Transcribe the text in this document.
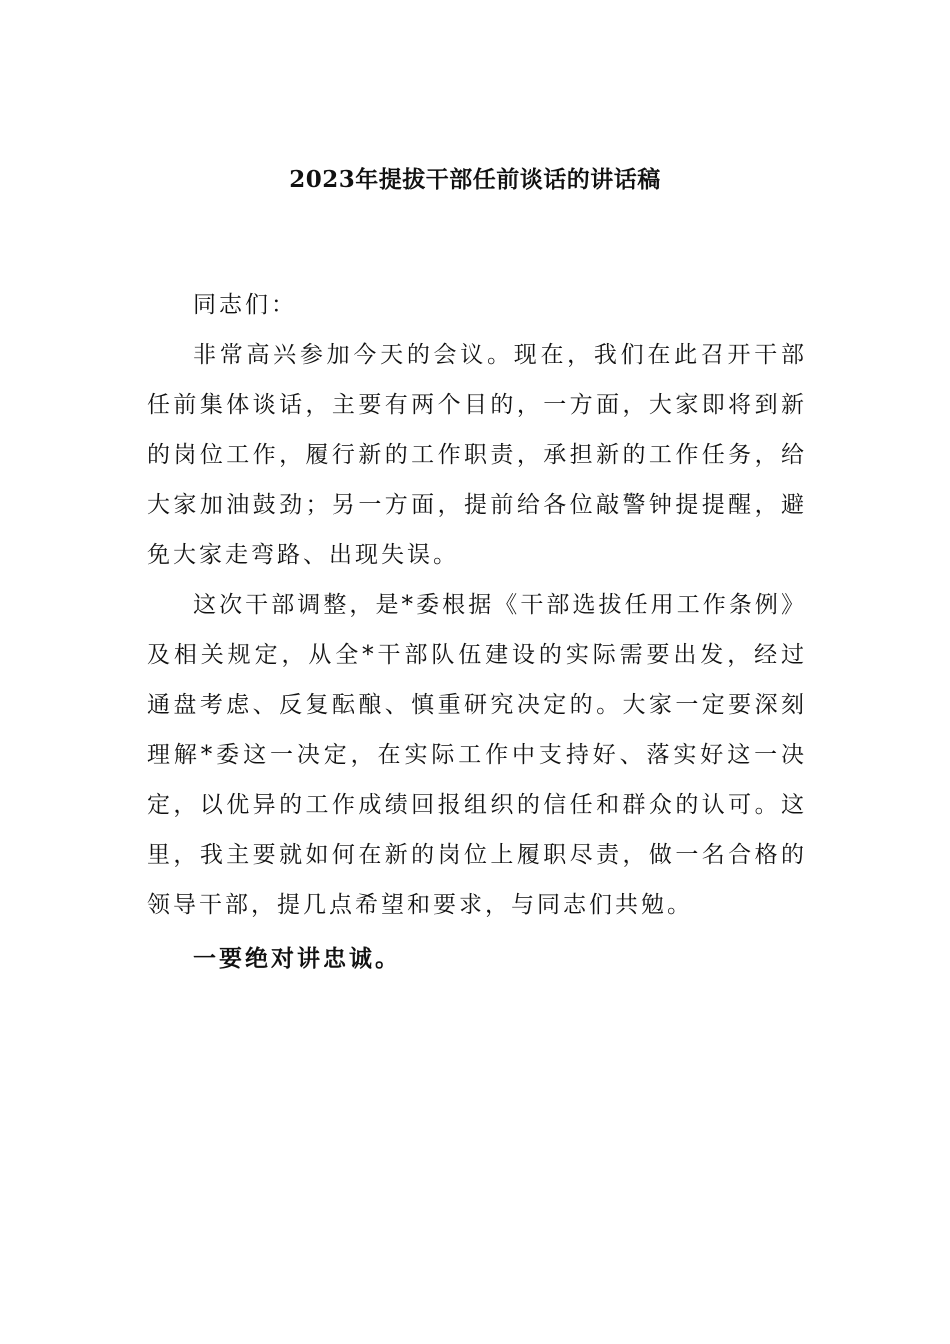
2023年提拔干部任前谈话的讲话稿

同志们：

非常高兴参加今天的会议。现在，我们在此召开干部任前集体谈话，主要有两个目的，一方面，大家即将到新的岗位工作，履行新的工作职责，承担新的工作任务，给大家加油鼓劲；另一方面，提前给各位敲警钟提提醒，避免大家走弯路、出现失误。

这次干部调整，是*委根据《干部选拔任用工作条例》及相关规定，从全*干部队伍建设的实际需要出发，经过通盘考虑、反复酝酿、慎重研究决定的。大家一定要深刻理解*委这一决定，在实际工作中支持好、落实好这一决定，以优异的工作成绩回报组织的信任和群众的认可。这里，我主要就如何在新的岗位上履职尽责，做一名合格的领导干部，提几点希望和要求，与同志们共勉。

一要绝对讲忠诚。
